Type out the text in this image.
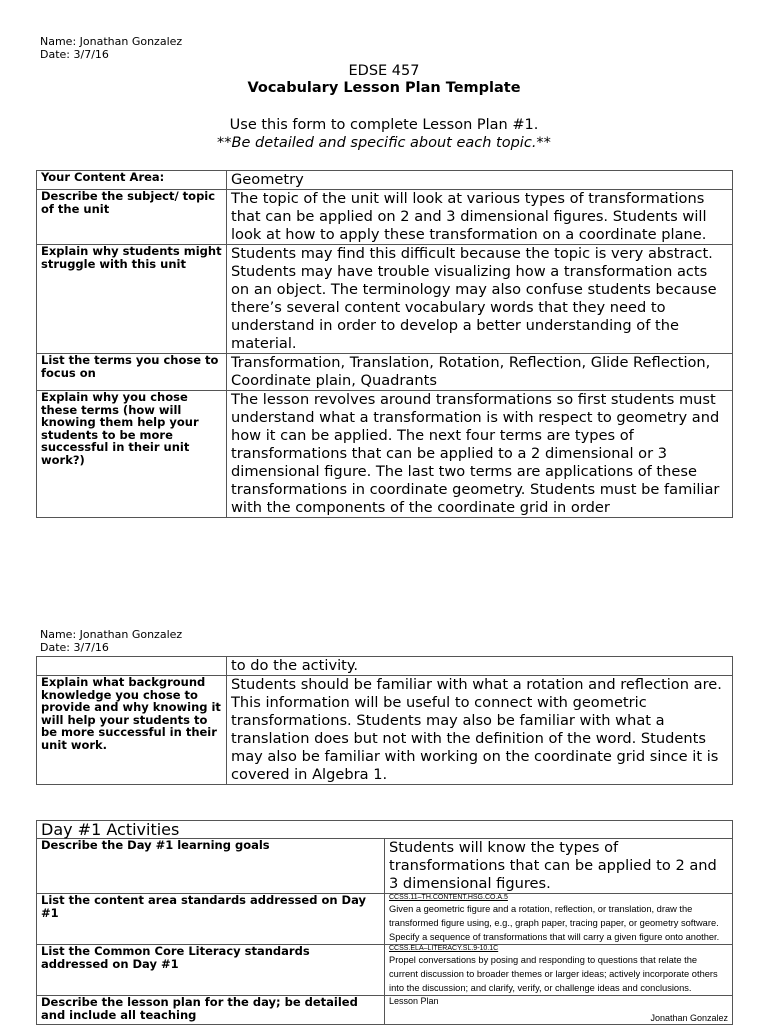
Name: Jonathan Gonzalez
Date: 3/7/16
EDSE 457
Vocabulary Lesson Plan Template
Use this form to complete Lesson Plan #1.
**Be detailed and specific about each topic.**
Your Content Area:	Geometry
Describe the subject/ topic of the unit	The topic of the unit will look at various types of transformations that can be applied on 2 and 3 dimensional figures. Students will look at how to apply these transformation on a coordinate plane.
Explain why students might struggle with this unit	Students may find this difficult because the topic is very abstract. Students may have trouble visualizing how a transformation acts on an object. The terminology may also confuse students because there’s several content vocabulary words that they need to understand in order to develop a better understanding of the material.
List the terms you chose to focus on	Transformation, Translation, Rotation, Reflection, Glide Reflection, Coordinate plain, Quadrants
Explain why you chose these terms (how will knowing them help your students to be more successful in their unit work?)	The lesson revolves around transformations so first students must understand what a transformation is with respect to geometry and how it can be applied. The next four terms are types of transformations that can be applied to a 2 dimensional or 3 dimensional figure. The last two terms are applications of these transformations in coordinate geometry. Students must be familiar with the components of the coordinate grid in order
Name: Jonathan Gonzalez
Date: 3/7/16
	to do the activity.
Explain what background knowledge you chose to provide and why knowing it will help your students to be more successful in their unit work.	Students should be familiar with what a rotation and reflection are. This information will be useful to connect with geometric transformations. Students may also be familiar with what a translation does but not with the definition of the word. Students may also be familiar with working on the coordinate grid since it is covered in Algebra 1.
Day #1 Activities	
Describe the Day #1 learning goals	Students will know the types of transformations that can be applied to 2 and 3 dimensional figures.
List the content area standards addressed on Day #1	CCSS.11–TH.CONTENT.HSG.CO.A.5
Given a geometric figure and a rotation, reflection, or translation, draw the transformed figure using, e.g., graph paper, tracing paper, or geometry software. Specify a sequence of transformations that will carry a given figure onto another.
List the Common Core Literacy standards addressed on Day #1	CCSS.ELA–LITERACY.SL.9-10.1C
Propel conversations by posing and responding to questions that relate the current discussion to broader themes or larger ideas; actively incorporate others into the discussion; and clarify, verify, or challenge ideas and conclusions.
Describe the lesson plan for the day; be detailed and include all teaching	Lesson Plan
Jonathan Gonzalez
